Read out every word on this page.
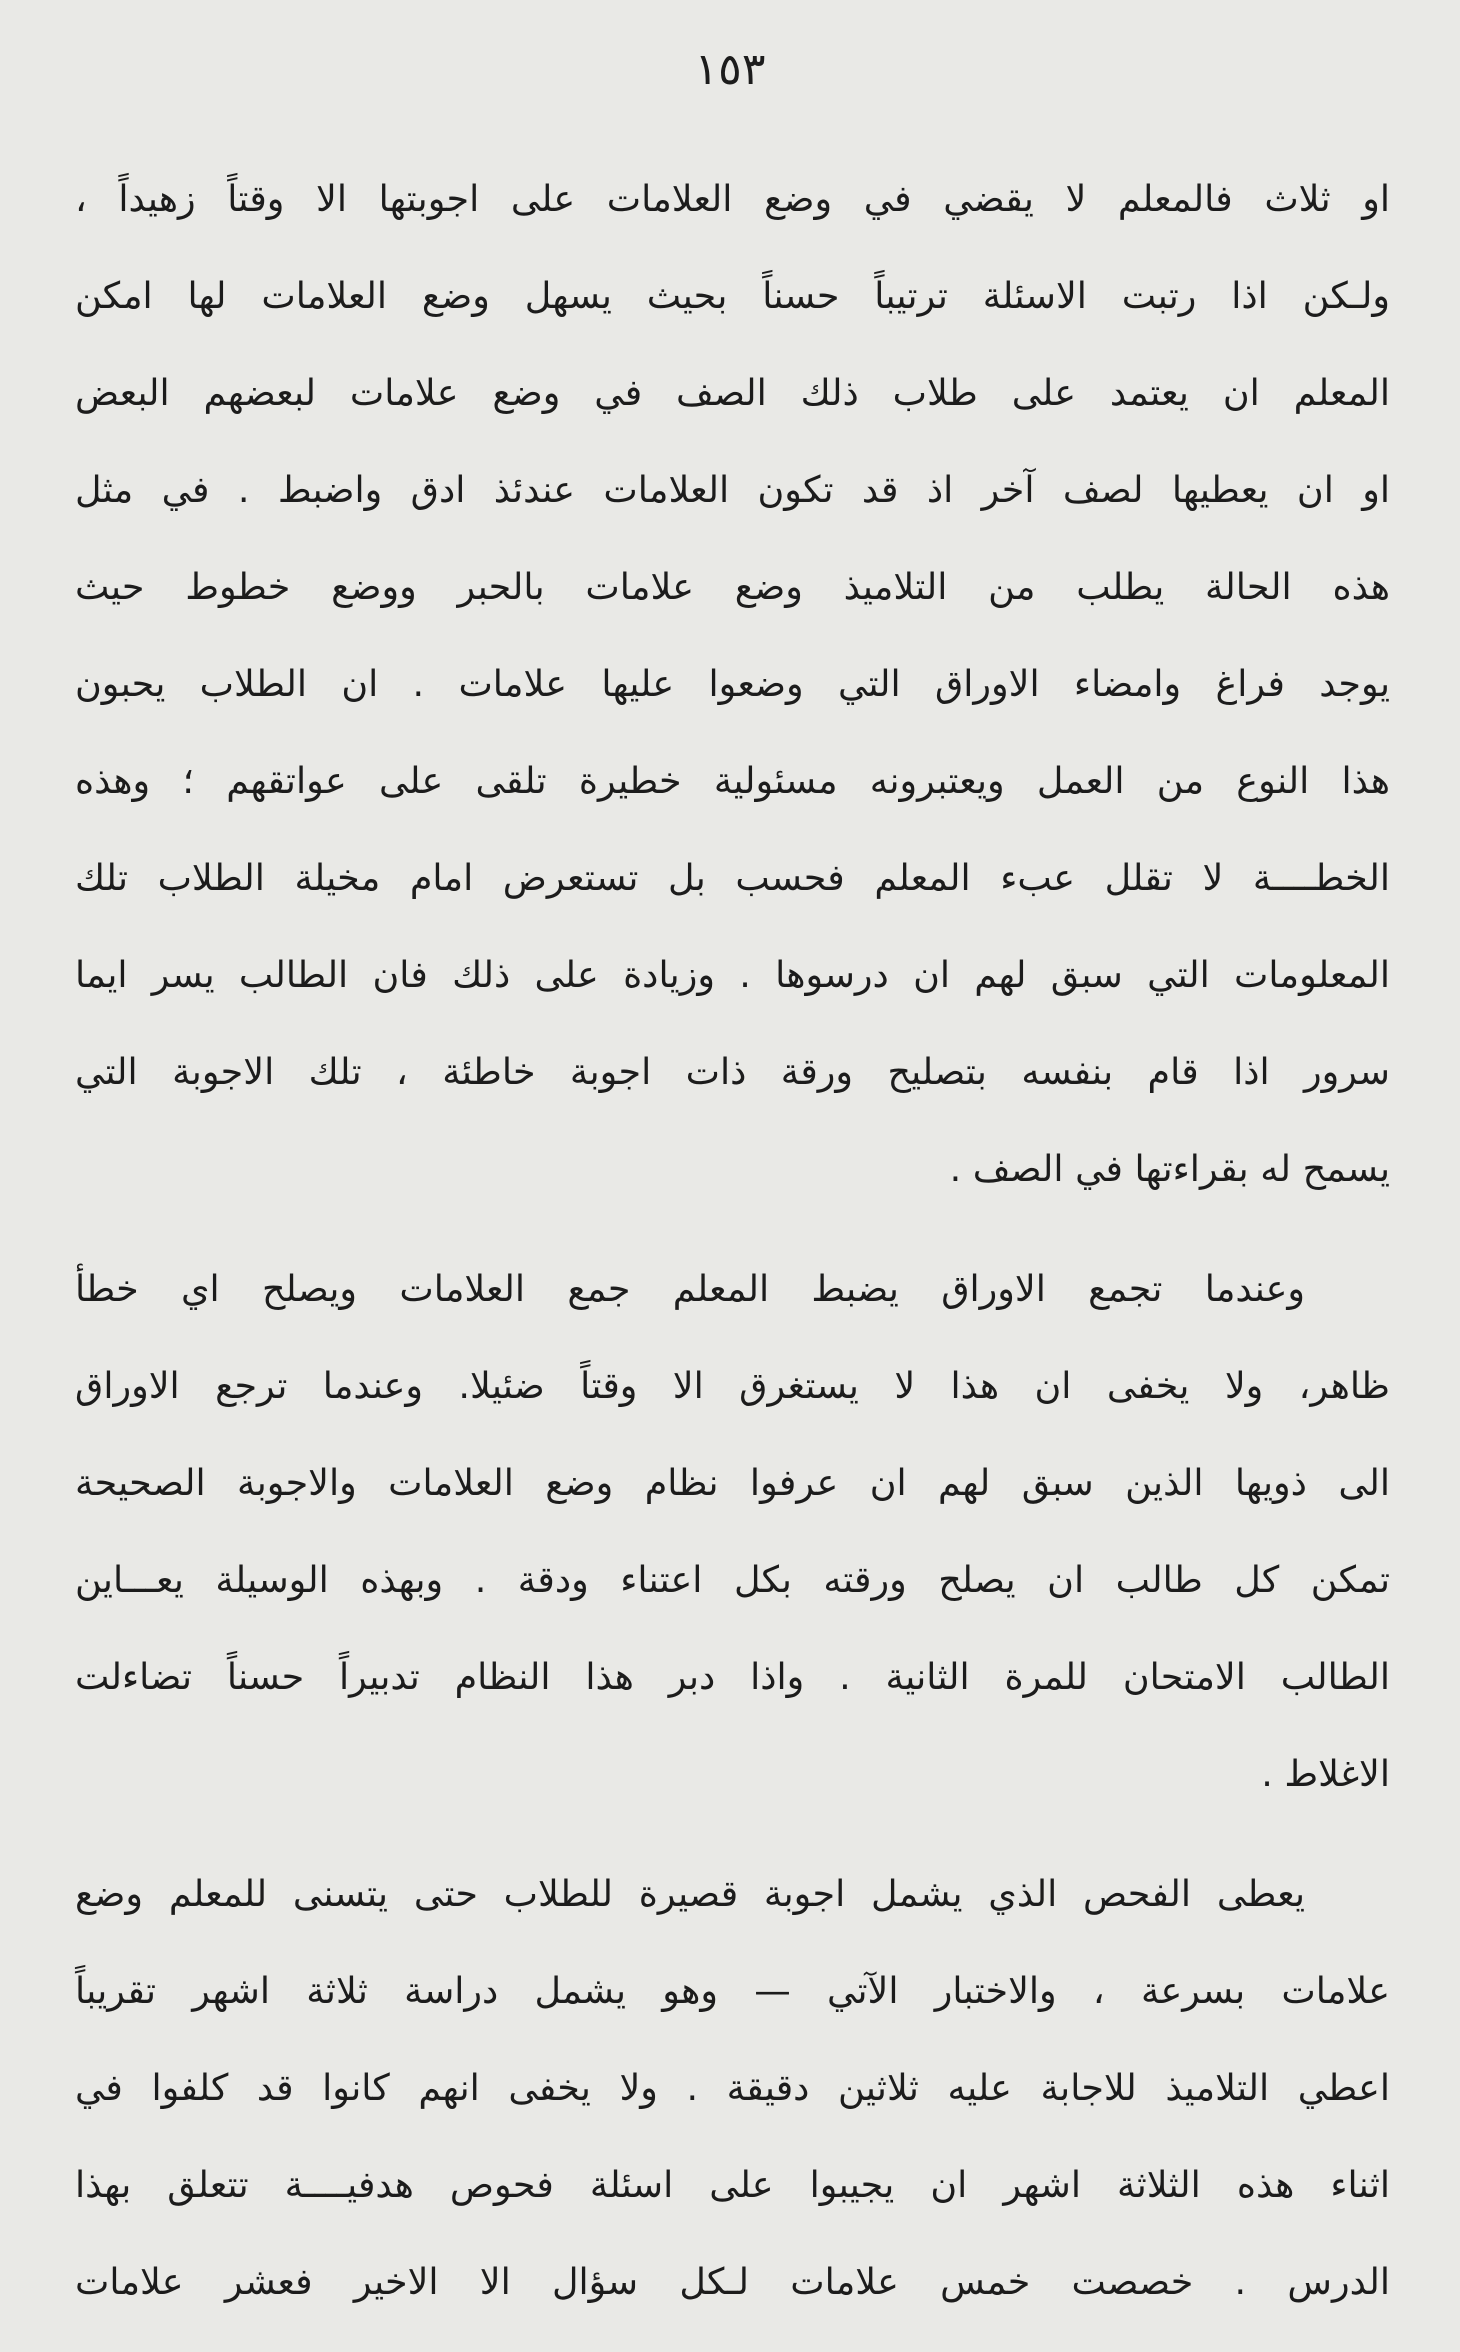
١٥٣
او ثلاث فالمعلم لا يقضي في وضع العلامات على اجوبتها الا وقتاً زهيداً ،
ولـكن اذا رتبت الاسئلة ترتيباً حسناً بحيث يسهل وضع العلامات لها امكن
المعلم ان يعتمد على طلاب ذلك الصف في وضع علامات لبعضهم البعض
او ان يعطيها لصف آخر اذ قد تكون العلامات عندئذ ادق واضبط . في مثل
هذه الحالة يطلب من التلاميذ وضع علامات بالحبر ووضع خطوط حيث
يوجد فراغ وامضاء الاوراق التي وضعوا عليها علامات . ان الطلاب يحبون
هذا النوع من العمل ويعتبرونه مسئولية خطيرة تلقى على عواتقهم ؛ وهذه
الخطــــة لا تقلل عبء المعلم فحسب بل تستعرض امام مخيلة الطلاب تلك
المعلومات التي سبق لهم ان درسوها . وزيادة على ذلك فان الطالب يسر ايما
سرور اذا قام بنفسه بتصليح ورقة ذات اجوبة خاطئة ، تلك الاجوبة التي
يسمح له بقراءتها في الصف .
وعندما تجمع الاوراق يضبط المعلم جمع العلامات ويصلح اي خطأ
ظاهر، ولا يخفى ان هذا لا يستغرق الا وقتاً ضئيلا. وعندما ترجع الاوراق
الى ذويها الذين سبق لهم ان عرفوا نظام وضع العلامات والاجوبة الصحيحة
تمكن كل طالب ان يصلح ورقته بكل اعتناء ودقة . وبهذه الوسيلة يعـــاين
الطالب الامتحان للمرة الثانية . واذا دبر هذا النظام تدبيراً حسناً تضاءلت
الاغلاط .
يعطى الفحص الذي يشمل اجوبة قصيرة للطلاب حتى يتسنى للمعلم وضع
علامات بسرعة ، والاختبار الآتي — وهو يشمل دراسة ثلاثة اشهر تقريباً
اعطي التلاميذ للاجابة عليه ثلاثين دقيقة . ولا يخفى انهم كانوا قد كلفوا في
اثناء هذه الثلاثة اشهر ان يجيبوا على اسئلة فحوص هدفيــــة تتعلق بهذا
الدرس . خصصت خمس علامات لـكل سؤال الا الاخير فعشر علامات
